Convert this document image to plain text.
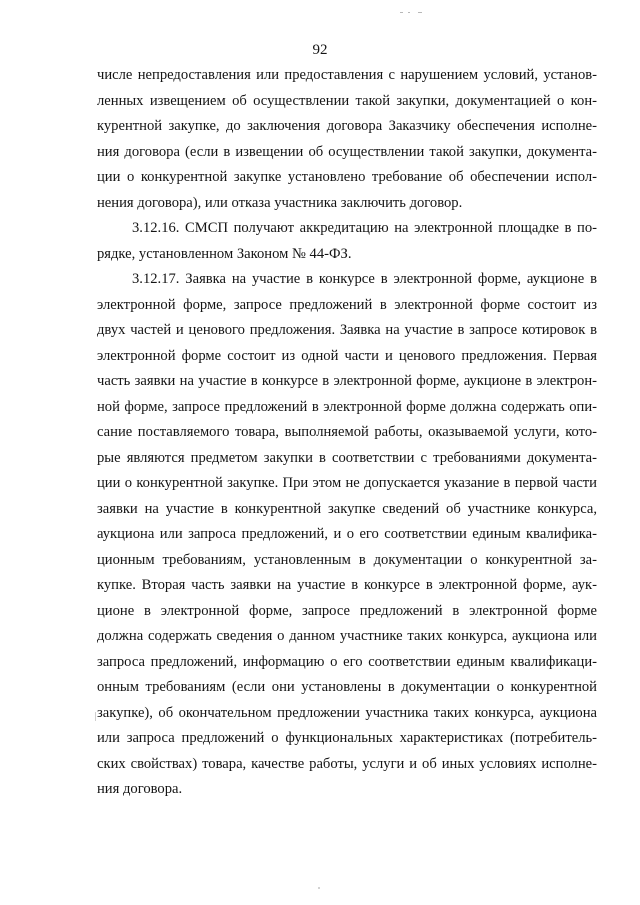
92
числе непредоставления или предоставления с нарушением условий, установ-
ленных извещением об осуществлении такой закупки, документацией о кон-
курентной закупке, до заключения договора Заказчику обеспечения исполне-
ния договора (если в извещении об осуществлении такой закупки, документа-
ции о конкурентной закупке установлено требование об обеспечении испол-
нения договора), или отказа участника заключить договор.
3.12.16. СМСП получают аккредитацию на электронной площадке в по-
рядке, установленном Законом № 44-ФЗ.
3.12.17. Заявка на участие в конкурсе в электронной форме, аукционе в
электронной форме, запросе предложений в электронной форме состоит из
двух частей и ценового предложения. Заявка на участие в запросе котировок в
электронной форме состоит из одной части и ценового предложения. Первая
часть заявки на участие в конкурсе в электронной форме, аукционе в электрон-
ной форме, запросе предложений в электронной форме должна содержать опи-
сание поставляемого товара, выполняемой работы, оказываемой услуги, кото-
рые являются предметом закупки в соответствии с требованиями документа-
ции о конкурентной закупке. При этом не допускается указание в первой части
заявки на участие в конкурентной закупке сведений об участнике конкурса,
аукциона или запроса предложений, и о его соответствии единым квалифика-
ционным требованиям, установленным в документации о конкурентной за-
купке. Вторая часть заявки на участие в конкурсе в электронной форме, аук-
ционе в электронной форме, запросе предложений в электронной форме
должна содержать сведения о данном участнике таких конкурса, аукциона или
запроса предложений, информацию о его соответствии единым квалификаци-
онным требованиям (если они установлены в документации о конкурентной
закупке), об окончательном предложении участника таких конкурса, аукциона
или запроса предложений о функциональных характеристиках (потребитель-
ских свойствах) товара, качестве работы, услуги и об иных условиях исполне-
ния договора.
